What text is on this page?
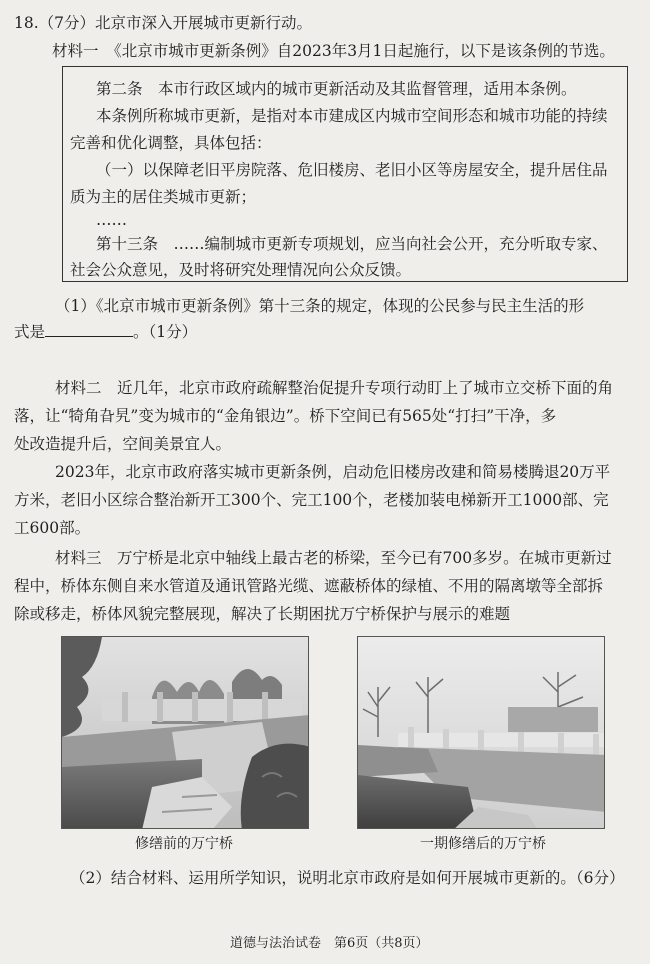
18.（7分）北京市深入开展城市更新行动。
材料一　《北京市城市更新条例》自2023年3月1日起施行，以下是该条例的节选。
第二条　本市行政区域内的城市更新活动及其监督管理，适用本条例。
本条例所称城市更新，是指对本市建成区内城市空间形态和城市功能的持续
完善和优化调整，具体包括：
（一）以保障老旧平房院落、危旧楼房、老旧小区等房屋安全，提升居住品
质为主的居住类城市更新；
……
第十三条　……编制城市更新专项规划，应当向社会公开，充分听取专家、
社会公众意见，及时将研究处理情况向公众反馈。
（1）《北京市城市更新条例》第十三条的规定，体现的公民参与民主生活的形
式是	。（1分）
材料二　近几年，北京市政府疏解整治促提升专项行动盯上了城市立交桥下面的角
落，让“犄角旮旯”变为城市的“金角银边”。桥下空间已有565处“打扫”干净，多
处改造提升后，空间美景宜人。
2023年，北京市政府落实城市更新条例，启动危旧楼房改建和简易楼腾退20万平
方米，老旧小区综合整治新开工300个、完工100个，老楼加装电梯新开工1000部、完
工600部。
材料三　万宁桥是北京中轴线上最古老的桥梁，至今已有700多岁。在城市更新过
程中，桥体东侧自来水管道及通讯管路光缆、遮蔽桥体的绿植、不用的隔离墩等全部拆
除或移走，桥体风貌完整展现，解决了长期困扰万宁桥保护与展示的难题
修缮前的万宁桥	一期修缮后的万宁桥
（2）结合材料、运用所学知识，说明北京市政府是如何开展城市更新的。（6分）
道德与法治试卷　第6页（共8页）
